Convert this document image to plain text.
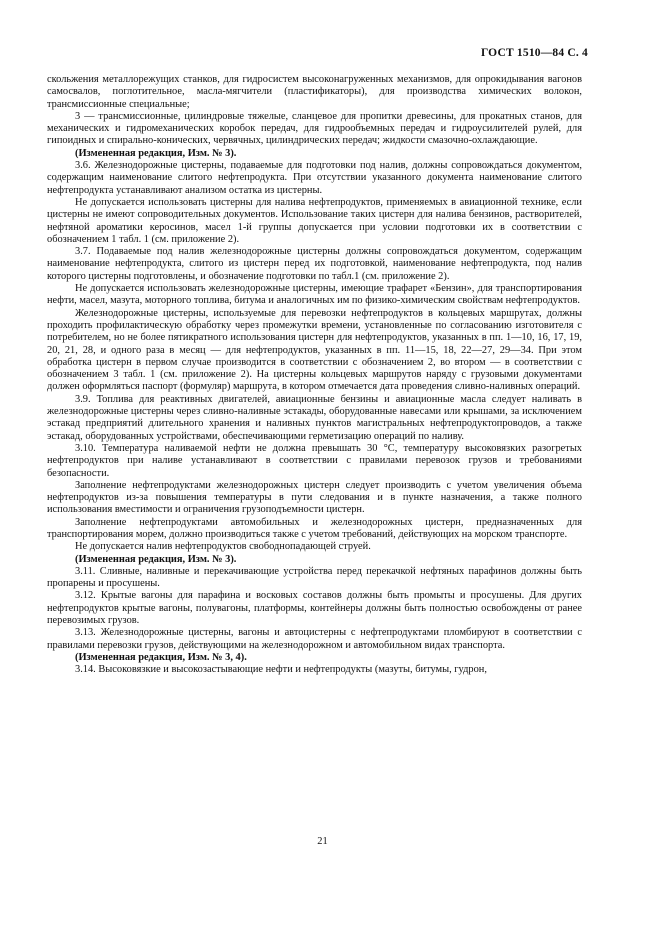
ГОСТ 1510—84 С. 4

скольжения металлорежущих станков, для гидросистем высоконагруженных механизмов, для опрокидывания вагонов самосвалов, поглотительное, масла-мягчители (пластификаторы), для производства химических волокон, трансмиссионные специальные;

3 — трансмиссионные, цилиндровые тяжелые, сланцевое для пропитки древесины, для прокатных станов, для механических и гидромеханических коробок передач, для гидрообъемных передач и гидроусилителей рулей, для гипоидных и спирально-конических, червячных, цилиндрических передач; жидкости смазочно-охлаждающие.

(Измененная редакция, Изм. № 3).

3.6. Железнодорожные цистерны, подаваемые для подготовки под налив, должны сопровождаться документом, содержащим наименование слитого нефтепродукта. При отсутствии указанного документа наименование слитого нефтепродукта устанавливают анализом остатка из цистерны.

Не допускается использовать цистерны для налива нефтепродуктов, применяемых в авиационной технике, если цистерны не имеют сопроводительных документов. Использование таких цистерн для налива бензинов, растворителей, нефтяной ароматики керосинов, масел 1-й группы допускается при условии подготовки их в соответствии с обозначением 1 табл. 1 (см. приложение 2).

3.7. Подаваемые под налив железнодорожные цистерны должны сопровождаться документом, содержащим наименование нефтепродукта, слитого из цистерн перед их подготовкой, наименование нефтепродукта, под налив которого цистерны подготовлены, и обозначение подготовки по табл.1 (см. приложение 2).

Не допускается использовать железнодорожные цистерны, имеющие трафарет «Бензин», для транспортирования нефти, масел, мазута, моторного топлива, битума и аналогичных им по физико-химическим свойствам нефтепродуктов.

Железнодорожные цистерны, используемые для перевозки нефтепродуктов в кольцевых маршрутах, должны проходить профилактическую обработку через промежутки времени, установленные по согласованию изготовителя с потребителем, но не более пятикратного использования цистерн для нефтепродуктов, указанных в пп. 1—10, 16, 17, 19, 20, 21, 28, и одного раза в месяц — для нефтепродуктов, указанных в пп. 11—15, 18, 22—27, 29—34. При этом обработка цистерн в первом случае производится в соответствии с обозначением 2, во втором — в соответствии с обозначением 3 табл. 1 (см. приложение 2). На цистерны кольцевых маршрутов наряду с грузовыми документами должен оформляться паспорт (формуляр) маршрута, в котором отмечается дата проведения сливно-наливных операций.

3.9. Топлива для реактивных двигателей, авиационные бензины и авиационные масла следует наливать в железнодорожные цистерны через сливно-наливные эстакады, оборудованные навесами или крышами, за исключением эстакад предприятий длительного хранения и наливных пунктов магистральных нефтепродуктопроводов, а также эстакад, оборудованных устройствами, обеспечивающими герметизацию операций по наливу.

3.10. Температура наливаемой нефти не должна превышать 30 °C, температуру высоковязких разогретых нефтепродуктов при наливе устанавливают в соответствии с правилами перевозок грузов и требованиями безопасности.

Заполнение нефтепродуктами железнодорожных цистерн следует производить с учетом увеличения объема нефтепродуктов из-за повышения температуры в пути следования и в пункте назначения, а также полного использования вместимости и ограничения грузоподъемности цистерн.

Заполнение нефтепродуктами автомобильных и железнодорожных цистерн, предназначенных для транспортирования морем, должно производиться также с учетом требований, действующих на морском транспорте.

Не допускается налив нефтепродуктов свободнопадающей струей.

(Измененная редакция, Изм. № 3).

3.11. Сливные, наливные и перекачивающие устройства перед перекачкой нефтяных парафинов должны быть пропарены и просушены.

3.12. Крытые вагоны для парафина и восковых составов должны быть промыты и просушены. Для других нефтепродуктов крытые вагоны, полувагоны, платформы, контейнеры должны быть полностью освобождены от ранее перевозимых грузов.

3.13. Железнодорожные цистерны, вагоны и автоцистерны с нефтепродуктами пломбируют в соответствии с правилами перевозки грузов, действующими на железнодорожном и автомобильном видах транспорта.

(Измененная редакция, Изм. № 3, 4).

3.14. Высоковязкие и высокозастывающие нефти и нефтепродукты (мазуты, битумы, гудрон,

21
